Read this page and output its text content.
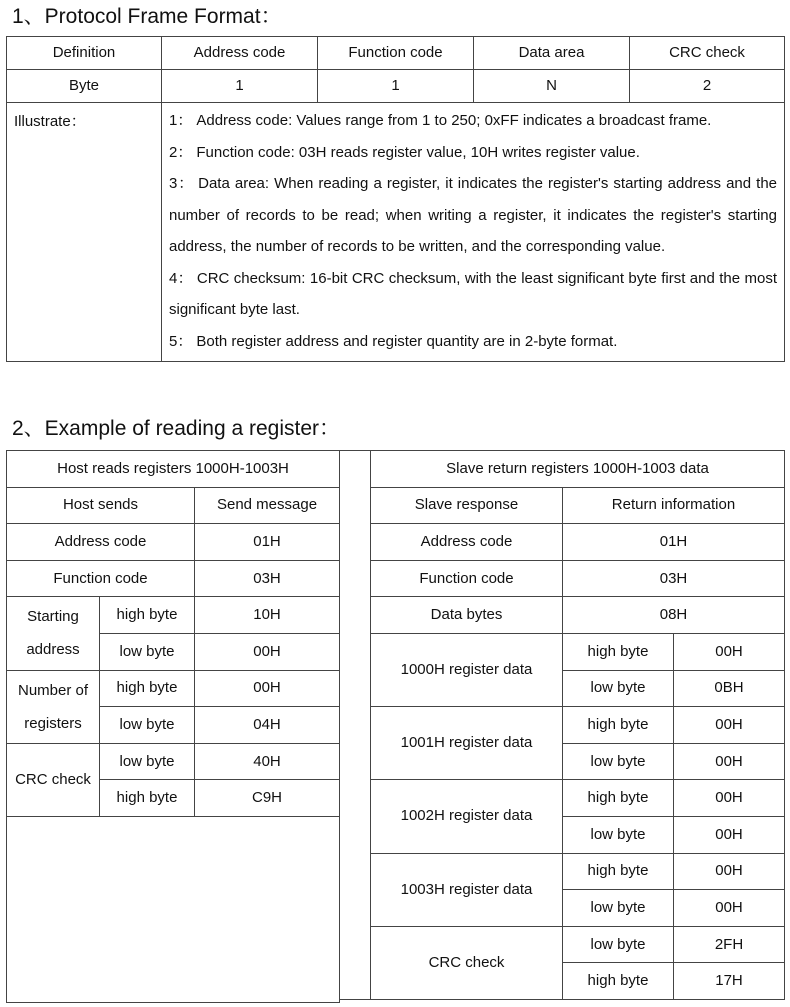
1、Protocol Frame Format：
Definition	Address code	Function code	Data area	CRC check
Byte	1	1	N	2
Illustrate：	1： Address code: Values range from 1 to 250; 0xFF indicates a broadcast frame.

2： Function code: 03H reads register value, 10H writes register value.

3： Data area: When reading a register, it indicates the register's starting address and the number of records to be read; when writing a register, it indicates the register's starting address, the number of records to be written, and the corresponding value.

4： CRC checksum: 16-bit CRC checksum, with the least significant byte first and the most significant byte last.

5： Both register address and register quantity are in 2-byte format.			

2、Example of reading a register：
Host reads registers 1000H-1003H		
Host sends		Send message
Address code		01H
Function code		03H
Starting address	high byte	10H
	low byte	00H
Number of registers	high byte	00H
	low byte	04H
CRC check	low byte	40H
	high byte	C9H

Slave return registers 1000H-1003 data		
Slave response	Return information	
Address code	01H	
Function code	03H	
Data bytes	08H	
1000H register data	high byte	00H
	low byte	0BH
1001H register data	high byte	00H
	low byte	00H
1002H register data	high byte	00H
	low byte	00H
1003H register data	high byte	00H
	low byte	00H
CRC check	low byte	2FH
	high byte	17H
